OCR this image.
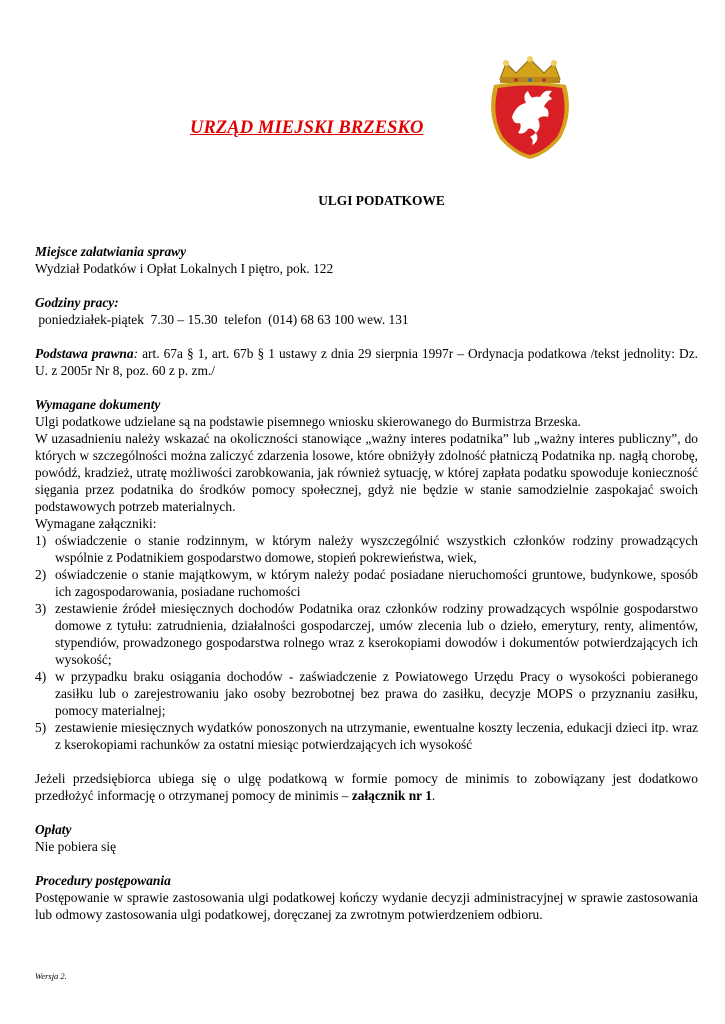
URZĄD MIEJSKI BRZESKO
ULGI PODATKOWE
Miejsce załatwiania sprawy
Wydział Podatków i Opłat Lokalnych I piętro, pok. 122
Godziny pracy:
poniedziałek-piątek  7.30 – 15.30  telefon  (014) 68 63 100 wew. 131
Podstawa prawna: art. 67a § 1, art. 67b § 1 ustawy z dnia 29 sierpnia 1997r – Ordynacja podatkowa /tekst jednolity: Dz. U. z 2005r Nr 8, poz. 60 z p. zm./
Wymagane dokumenty
Ulgi podatkowe udzielane są na podstawie pisemnego wniosku skierowanego do Burmistrza Brzeska.
W uzasadnieniu należy wskazać na okoliczności stanowiące „ważny interes podatnika” lub „ważny interes publiczny”, do których w szczególności można zaliczyć zdarzenia losowe, które obniżyły zdolność płatniczą Podatnika np. nagłą chorobę, powódź, kradzież, utratę możliwości zarobkowania, jak również sytuację, w której zapłata podatku spowoduje konieczność sięgania przez podatnika do środków pomocy społecznej, gdyż nie będzie w stanie samodzielnie zaspokajać swoich podstawowych potrzeb materialnych.
Wymagane załączniki:
1) oświadczenie o stanie rodzinnym, w którym należy wyszczególnić wszystkich członków rodziny prowadzących wspólnie z Podatnikiem gospodarstwo domowe, stopień pokrewieństwa, wiek,
2) oświadczenie o stanie majątkowym, w którym należy podać posiadane nieruchomości gruntowe, budynkowe, sposób ich zagospodarowania, posiadane ruchomości
3) zestawienie źródeł miesięcznych dochodów Podatnika oraz członków rodziny prowadzących wspólnie gospodarstwo domowe z tytułu: zatrudnienia, działalności gospodarczej, umów zlecenia lub o dzieło, emerytury, renty, alimentów, stypendiów, prowadzonego gospodarstwa rolnego wraz z kserokopiami dowodów i dokumentów potwierdzających ich wysokość;
4) w przypadku braku osiągania dochodów - zaświadczenie z Powiatowego Urzędu Pracy o wysokości pobieranego zasiłku lub o zarejestrowaniu jako osoby bezrobotnej bez prawa do zasiłku, decyzje MOPS o przyznaniu zasiłku, pomocy materialnej;
5) zestawienie miesięcznych wydatków ponoszonych na utrzymanie, ewentualne koszty leczenia, edukacji dzieci itp. wraz z kserokopiami rachunków za ostatni miesiąc potwierdzających ich wysokość
Jeżeli przedsiębiorca ubiega się o ulgę podatkową w formie pomocy de minimis to zobowiązany jest dodatkowo przedłożyć informację o otrzymanej pomocy de minimis – załącznik nr 1.
Opłaty
Nie pobiera się
Procedury postępowania
Postępowanie w sprawie zastosowania ulgi podatkowej kończy wydanie decyzji administracyjnej w sprawie zastosowania lub odmowy zastosowania ulgi podatkowej, doręczanej za zwrotnym potwierdzeniem odbioru.
Wersja 2.
